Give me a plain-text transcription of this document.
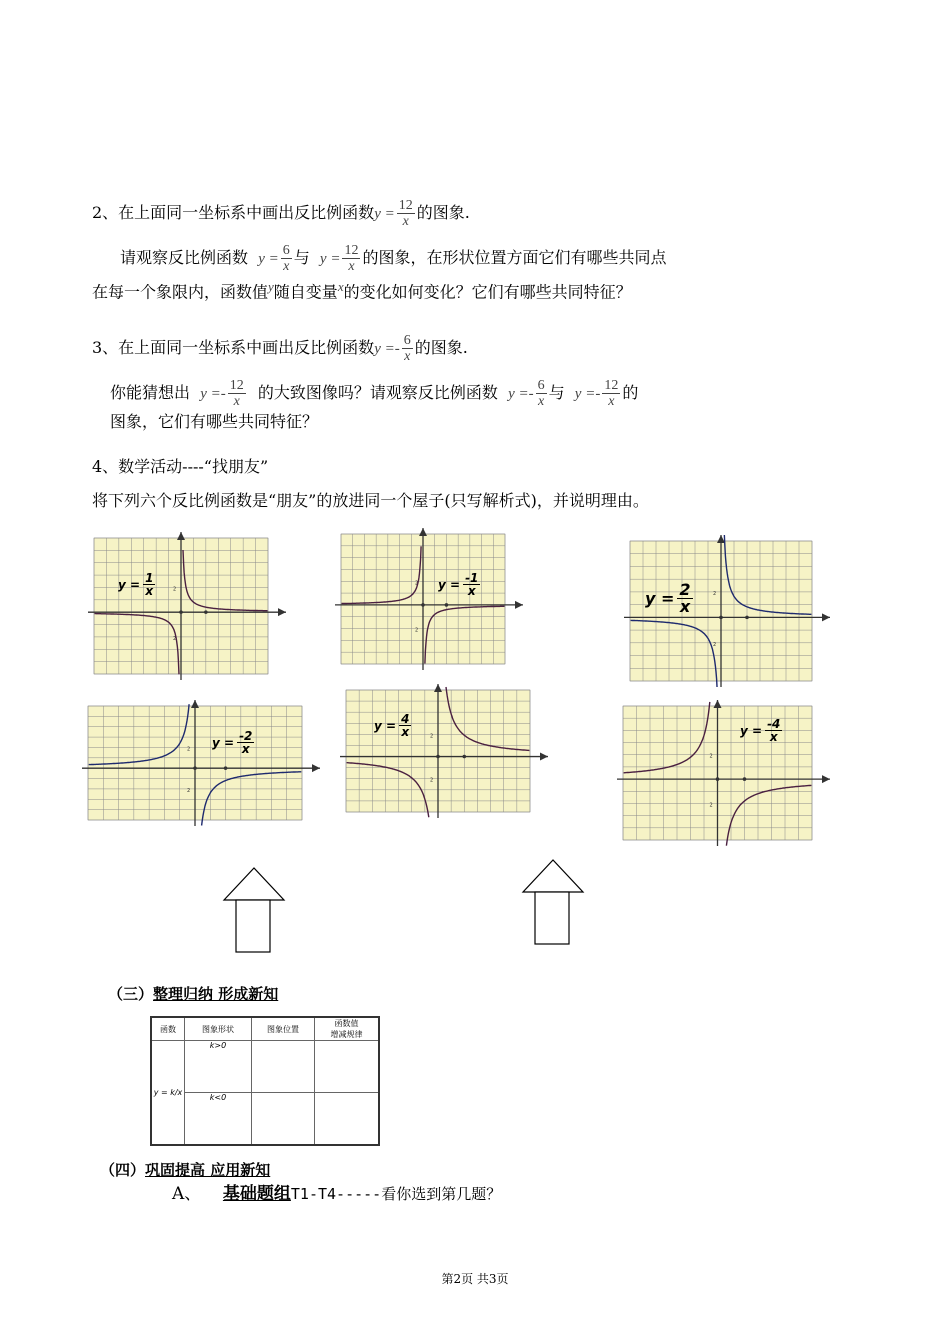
2、在上面同一坐标系中画出反比例函数$y = \frac{12}{x}$ 的图象.
请观察反比例函数 $y = \frac{6}{x}$ 与 $y = \frac{12}{x}$ 的图象，在形状位置方面它们有哪些共同点
在每一个象限内，函数值$^y$随自变量$^x$的变化如何变化？它们有哪些共同特征？
3、在上面同一坐标系中画出反比例函数$y =- \frac{6}{x}$ 的图象.
你能猜想出 $y =- \frac{12}{x}$ 的大致图像吗？请观察反比例函数 $y =- \frac{6}{x}$ 与 $y =- \frac{12}{x}$ 的
图象，它们有哪些共同特征？
4、数学活动----“找朋友”
将下列六个反比例函数是“朋友”的放进同一个屋子(只写解析式)，并说明理由。
2
2
2
2
2
2
2
2
2
2
2
2
（三）整理归纳 形成新知
函数	图象形状	图象位置	函数值
增减规律
y = k/x	k>0		
	k<0		
（四）巩固提高 应用新知
A、 基础题组T1-T4-----看你选到第几题？
第2页 共3页
$y = \frac{1}{x}$	$y = \frac{-1}{x}$
$y = \frac{2}{x}$
$y = \frac{-2}{x}$
$y = \frac{4}{x}$	$y = \frac{-4}{x}$
